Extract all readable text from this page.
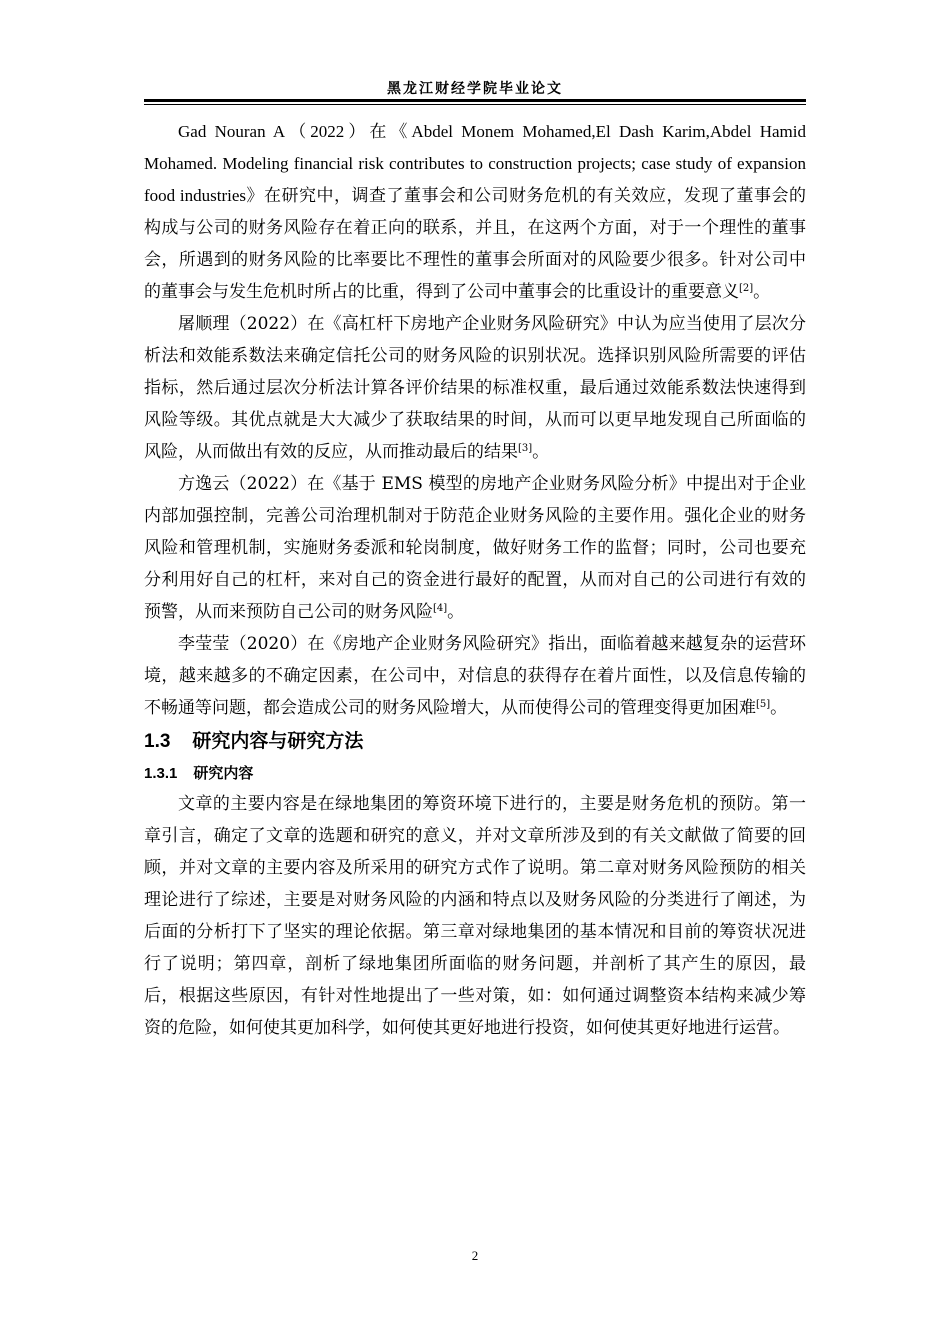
黑龙江财经学院毕业论文

Gad Nouran A（2022）在《Abdel Monem Mohamed,El Dash Karim,Abdel Hamid Mohamed. Modeling financial risk contributes to construction projects; case study of expansion food industries》在研究中，调查了董事会和公司财务危机的有关效应，发现了董事会的构成与公司的财务风险存在着正向的联系，并且，在这两个方面，对于一个理性的董事会，所遇到的财务风险的比率要比不理性的董事会所面对的风险要少很多。针对公司中的董事会与发生危机时所占的比重，得到了公司中董事会的比重设计的重要意义[2]。

屠顺理（2022）在《高杠杆下房地产企业财务风险研究》中认为应当使用了层次分析法和效能系数法来确定信托公司的财务风险的识别状况。选择识别风险所需要的评估指标，然后通过层次分析法计算各评价结果的标准权重，最后通过效能系数法快速得到风险等级。其优点就是大大减少了获取结果的时间，从而可以更早地发现自己所面临的风险，从而做出有效的反应，从而推动最后的结果[3]。

方逸云（2022）在《基于 EMS 模型的房地产企业财务风险分析》中提出对于企业内部加强控制，完善公司治理机制对于防范企业财务风险的主要作用。强化企业的财务风险和管理机制，实施财务委派和轮岗制度，做好财务工作的监督；同时，公司也要充分利用好自己的杠杆，来对自己的资金进行最好的配置，从而对自己的公司进行有效的预警，从而来预防自己公司的财务风险[4]。

李莹莹（2020）在《房地产企业财务风险研究》指出，面临着越来越复杂的运营环境，越来越多的不确定因素，在公司中，对信息的获得存在着片面性，以及信息传输的不畅通等问题，都会造成公司的财务风险增大，从而使得公司的管理变得更加困难[5]。

1.3 研究内容与研究方法
1.3.1 研究内容

文章的主要内容是在绿地集团的筹资环境下进行的，主要是财务危机的预防。第一章引言，确定了文章的选题和研究的意义，并对文章所涉及到的有关文献做了简要的回顾，并对文章的主要内容及所采用的研究方式作了说明。第二章对财务风险预防的相关理论进行了综述，主要是对财务风险的内涵和特点以及财务风险的分类进行了阐述，为后面的分析打下了坚实的理论依据。第三章对绿地集团的基本情况和目前的筹资状况进行了说明；第四章，剖析了绿地集团所面临的财务问题，并剖析了其产生的原因，最后，根据这些原因，有针对性地提出了一些对策，如：如何通过调整资本结构来减少筹资的危险，如何使其更加科学，如何使其更好地进行投资，如何使其更好地进行运营。

2
